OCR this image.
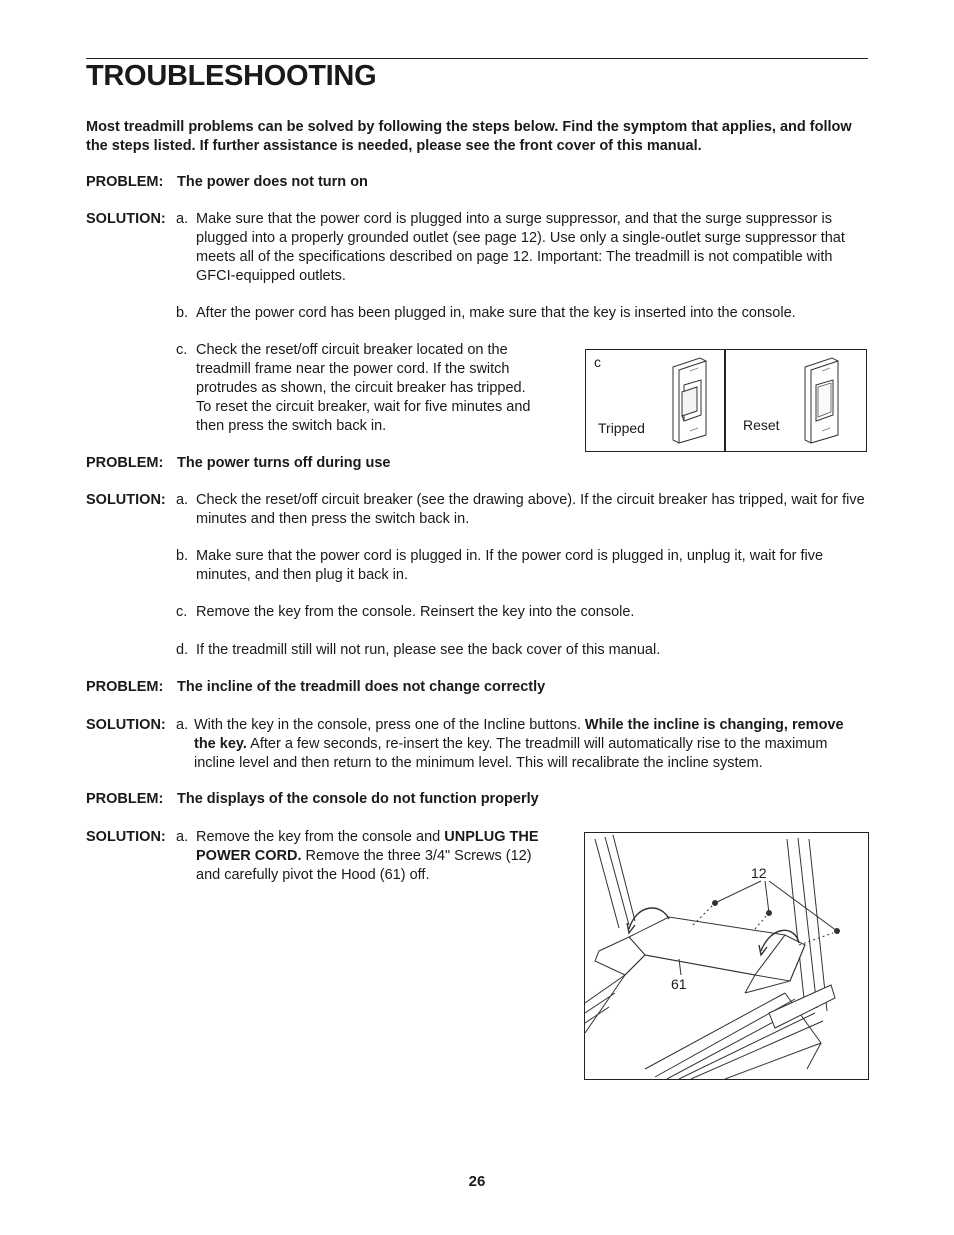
TROUBLESHOOTING

Most treadmill problems can be solved by following the steps below. Find the symptom that applies, and follow the steps listed. If further assistance is needed, please see the front cover of this manual.

PROBLEM: The power does not turn on
SOLUTION: a. Make sure that the power cord is plugged into a surge suppressor, and that the surge suppressor is plugged into a properly grounded outlet (see page 12). Use only a single-outlet surge suppressor that meets all of the specifications described on page 12. Important: The treadmill is not compatible with GFCI-equipped outlets.

b. After the power cord has been plugged in, make sure that the key is inserted into the console.

c. Check the reset/off circuit breaker located on the treadmill frame near the power cord. If the switch protrudes as shown, the circuit breaker has tripped. To reset the circuit breaker, wait for five minutes and then press the switch back in.

c
Tripped	Reset
PROBLEM: The power turns off during use
SOLUTION: a. Check the reset/off circuit breaker (see the drawing above). If the circuit breaker has tripped, wait for five minutes and then press the switch back in.

b. Make sure that the power cord is plugged in. If the power cord is plugged in, unplug it, wait for five minutes, and then plug it back in.

c. Remove the key from the console. Reinsert the key into the console.

d. If the treadmill still will not run, please see the back cover of this manual.

PROBLEM: The incline of the treadmill does not change correctly
SOLUTION: a. With the key in the console, press one of the Incline buttons. While the incline is changing, remove the key. After a few seconds, re-insert the key. The treadmill will automatically rise to the maximum incline level and then return to the minimum level. This will recalibrate the incline system.

PROBLEM: The displays of the console do not function properly
SOLUTION: a. Remove the key from the console and UNPLUG THE POWER CORD. Remove the three 3/4" Screws (12) and carefully pivot the Hood (61) off.	12
61
26
